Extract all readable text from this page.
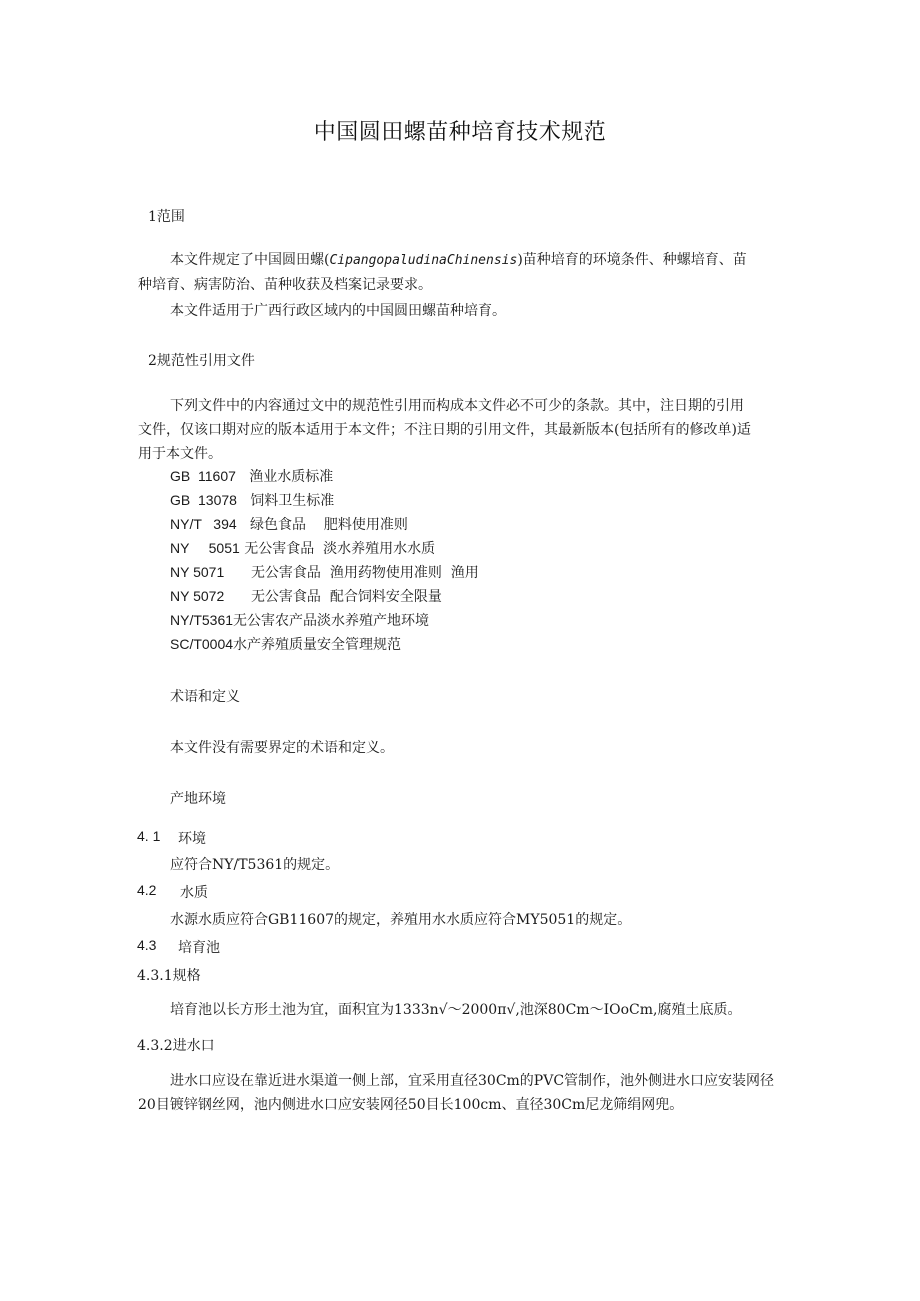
中国圆田螺苗种培育技术规范
1范围
本文件规定了中国圆田螺(CipangopaludinaChinensis)苗种培育的环境条件、种螺培育、苗种培育、病害防治、苗种收获及档案记录要求。
本文件适用于广西行政区域内的中国圆田螺苗种培育。
2规范性引用文件
下列文件中的内容通过文中的规范性引用而构成本文件必不可少的条款。其中，注日期的引用文件，仅该口期对应的版本适用于本文件；不注日期的引用文件，其最新版本(包括所有的修改单)适用于本文件。
GB  11607 渔业水质标准
GB  13078 饲料卫生标准
NY/T   394 绿色食品    肥料使用准则
NY     5051 无公害食品  淡水养殖用水水质
NY 5071 无公害食品  渔用药物使用准则  渔用
NY 5072 无公害食品  配合饲料安全限量
NY/T5361无公害农产品淡水养殖产地环境
SC/T0004水产养殖质量安全管理规范
术语和定义
本文件没有需要界定的术语和定义。
产地环境
4. 1 环境
应符合NY/T5361的规定。
4.2 水质
水源水质应符合GB11607的规定，养殖用水水质应符合MY5051的规定。
4.3 培育池
4.3.1规格
培育池以长方形土池为宜，面积宜为1333n√～2000π√,池深80Cm～IOoCm,腐殖土底质。
4.3.2进水口
进水口应设在靠近进水渠道一侧上部，宜采用直径30Cm的PVC管制作，池外侧进水口应安装网径20目镀锌钢丝网，池内侧进水口应安装网径50目长100cm、直径30Cm尼龙筛绢网兜。
